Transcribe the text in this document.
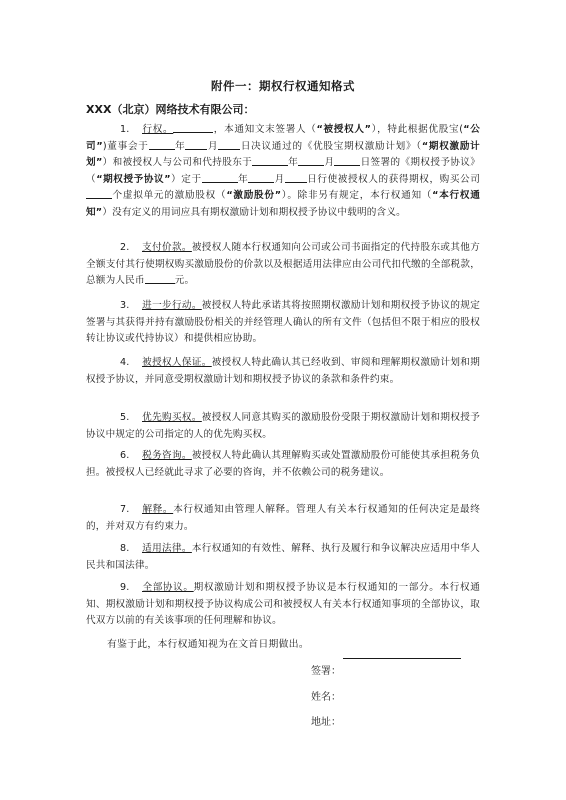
附件一：期权行权通知格式
XXX（北京）网络技术有限公司：
1. 行权。	，本通知文末签署人（“被授权人”），特此根据优股宝(“公司”)董事会于	年 月 日决议通过的《优股宝期权激励计划》（“期权激励计划”）和被授权人与公司和代持股东于	年	月	日签署的《期权授予协议》（“期权授予协议”）定于	年	月 日行使被授权人的获得期权，购买公司个虚拟单元的激励股权（“激励股份”）。除非另有规定，本行权通知（“本行权通知”）没有定义的用词应具有期权激励计划和期权授予协议中载明的含义。
2. 支付价款。被授权人随本行权通知向公司或公司书面指定的代持股东或其他方全额支付其行使期权购买激励股份的价款以及根据适用法律应由公司代扣代缴的全部税款，总额为人民币	元。
3. 进一步行动。被授权人特此承诺其将按照期权激励计划和期权授予协议的规定签署与其获得并持有激励股份相关的并经管理人确认的所有文件（包括但不限于相应的股权转让协议或代持协议）和提供相应协助。
4. 被授权人保证。被授权人特此确认其已经收到、审阅和理解期权激励计划和期权授予协议，并同意受期权激励计划和期权授予协议的条款和条件约束。
5. 优先购买权。被授权人同意其购买的激励股份受限于期权激励计划和期权授予协议中规定的公司指定的人的优先购买权。
6. 税务咨询。被授权人特此确认其理解购买或处置激励股份可能使其承担税务负担。被授权人已经就此寻求了必要的咨询，并不依赖公司的税务建议。
7. 解释。本行权通知由管理人解释。管理人有关本行权通知的任何决定是最终的，并对双方有约束力。
8. 适用法律。本行权通知的有效性、解释、执行及履行和争议解决应适用中华人民共和国法律。
9. 全部协议。期权激励计划和期权授予协议是本行权通知的一部分。本行权通知、期权激励计划和期权授予协议构成公司和被授权人有关本行权通知事项的全部协议，取代双方以前的有关该事项的任何理解和协议。
有鉴于此，本行权通知视为在文首日期做出。
签署：
姓名：
地址：
